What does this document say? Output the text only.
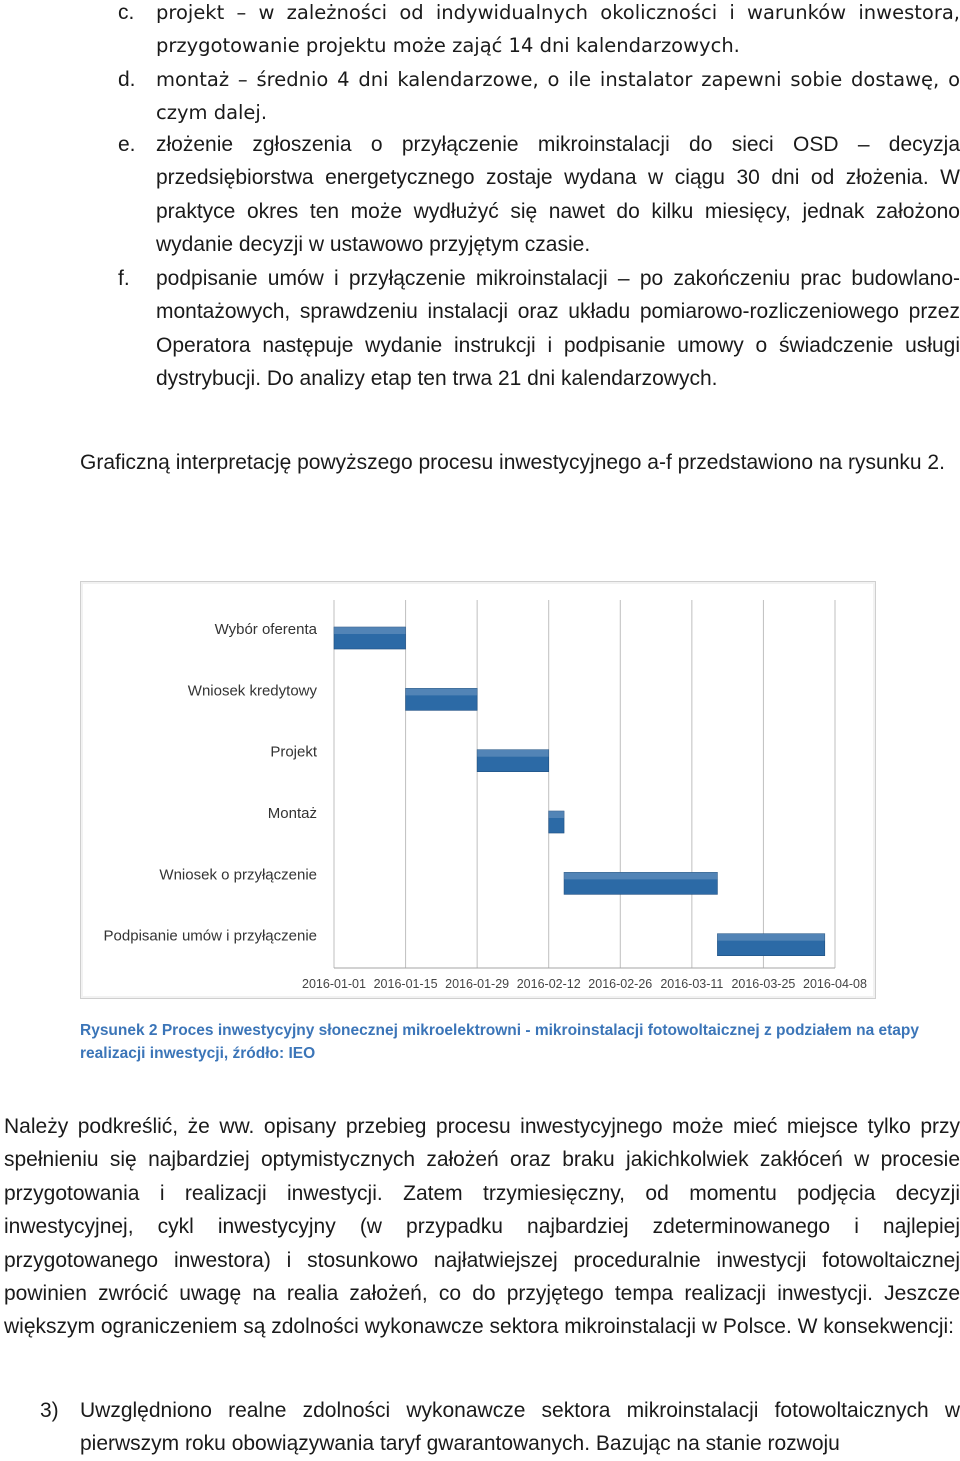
c. projekt – w zależności od indywidualnych okoliczności i warunków inwestora, przygotowanie projektu może zająć 14 dni kalendarzowych.
d. montaż – średnio 4 dni kalendarzowe, o ile instalator zapewni sobie dostawę, o czym dalej.
e. złożenie zgłoszenia o przyłączenie mikroinstalacji do sieci OSD – decyzja przedsiębiorstwa energetycznego zostaje wydana w ciągu 30 dni od złożenia. W praktyce okres ten może wydłużyć się nawet do kilku miesięcy, jednak założono wydanie decyzji w ustawowo przyjętym czasie.
f. podpisanie umów i przyłączenie mikroinstalacji – po zakończeniu prac budowlano-montażowych, sprawdzeniu instalacji oraz układu pomiarowo-rozliczeniowego przez Operatora następuje wydanie instrukcji i podpisanie umowy o świadczenie usługi dystrybucji. Do analizy etap ten trwa 21 dni kalendarzowych.
Graficzną interpretację powyższego procesu inwestycyjnego a-f przedstawiono na rysunku 2.
2016-01-01 2016-01-15 2016-01-29 2016-02-12 2016-02-26 2016-03-11 2016-03-25 2016-04-08
Wybór oferenta
Wniosek kredytowy
Projekt
Montaż
Wniosek o przyłączenie
Podpisanie umów i przyłączenie
Rysunek 2 Proces inwestycyjny słonecznej mikroelektrowni - mikroinstalacji fotowoltaicznej z podziałem na etapy realizacji inwestycji, źródło: IEO
Należy podkreślić, że ww. opisany przebieg procesu inwestycyjnego może mieć miejsce tylko przy spełnieniu się najbardziej optymistycznych założeń oraz braku jakichkolwiek zakłóceń w procesie przygotowania i realizacji inwestycji. Zatem trzymiesięczny, od momentu podjęcia decyzji inwestycyjnej, cykl inwestycyjny (w przypadku najbardziej zdeterminowanego i najlepiej przygotowanego inwestora) i stosunkowo najłatwiejszej proceduralnie inwestycji fotowoltaicznej powinien zwrócić uwagę na realia założeń, co do przyjętego tempa realizacji inwestycji. Jeszcze większym ograniczeniem są zdolności wykonawcze sektora mikroinstalacji w Polsce. W konsekwencji:
3) Uwzględniono realne zdolności wykonawcze sektora mikroinstalacji fotowoltaicznych w pierwszym roku obowiązywania taryf gwarantowanych. Bazując na stanie rozwoju
